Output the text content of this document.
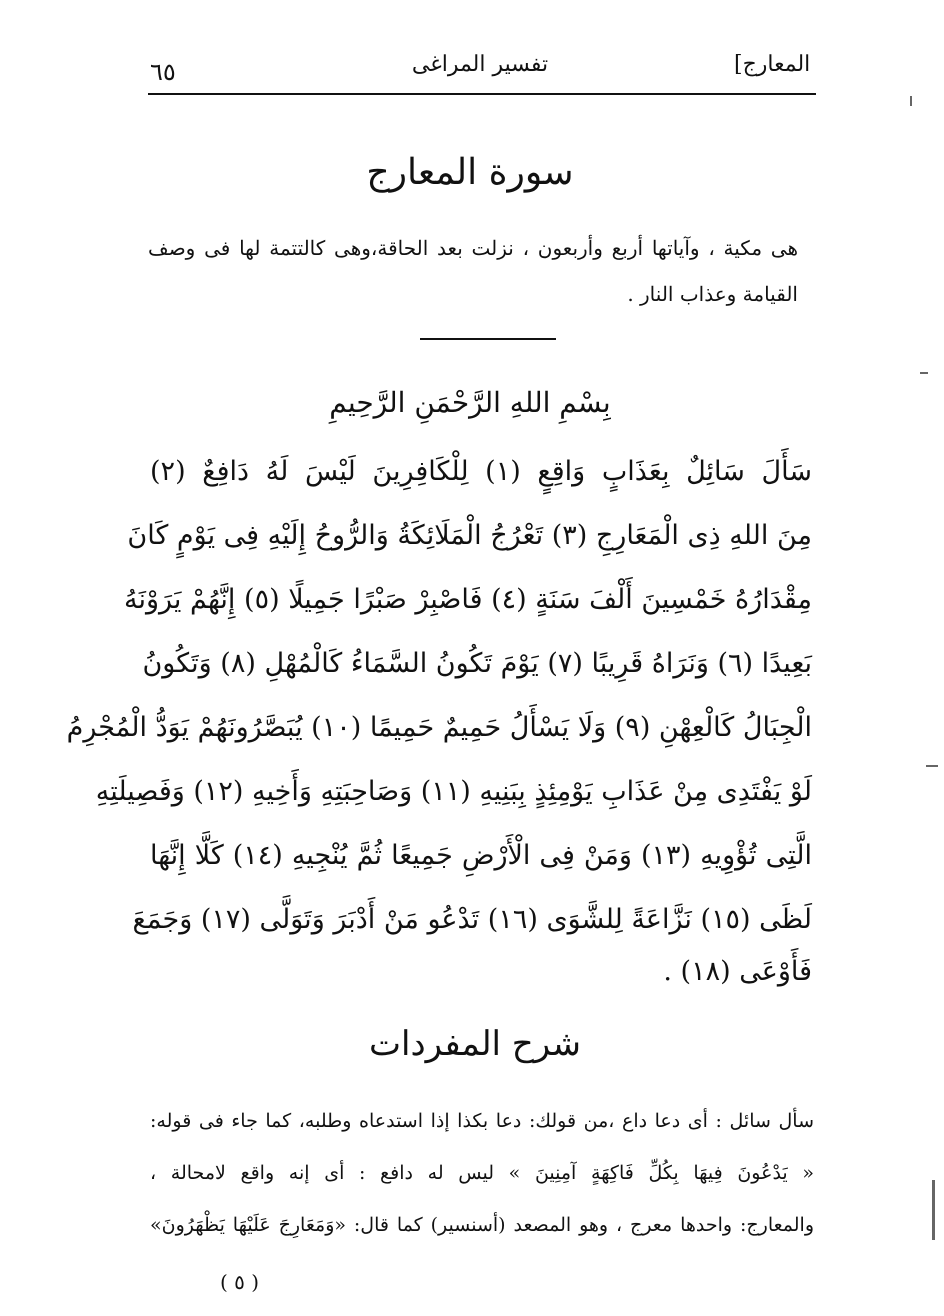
٦٥	تفسير المراغى	المعارج]
سورة المعارج
هى مكية ، وآياتها أربع وأربعون ، نزلت بعد الحاقة،وهى كالتتمة لها فى وصف
القيامة وعذاب النار .
بِسْمِ اللهِ الرَّحْمَنِ الرَّحِيمِ
سَأَلَ سَائِلٌ بِعَذَابٍ وَاقِعٍ (١) لِلْكَافِرِينَ لَيْسَ لَهُ دَافِعٌ (٢)
مِنَ اللهِ ذِى الْمَعَارِجِ (٣) تَعْرُجُ الْمَلَائِكَةُ وَالرُّوحُ إِلَيْهِ فِى يَوْمٍ كَانَ
مِقْدَارُهُ خَمْسِينَ أَلْفَ سَنَةٍ (٤) فَاصْبِرْ صَبْرًا جَمِيلًا (٥) إِنَّهُمْ يَرَوْنَهُ
بَعِيدًا (٦) وَنَرَاهُ قَرِيبًا (٧) يَوْمَ تَكُونُ السَّمَاءُ كَالْمُهْلِ (٨) وَتَكُونُ
الْجِبَالُ كَالْعِهْنِ (٩) وَلَا يَسْأَلُ حَمِيمٌ حَمِيمًا (١٠) يُبَصَّرُونَهُمْ يَوَدُّ الْمُجْرِمُ
لَوْ يَفْتَدِى مِنْ عَذَابِ يَوْمِئِذٍ بِبَنِيهِ (١١) وَصَاحِبَتِهِ وَأَخِيهِ (١٢) وَفَصِيلَتِهِ
الَّتِى تُؤْوِيهِ (١٣) وَمَنْ فِى الْأَرْضِ جَمِيعًا ثُمَّ يُنْجِيهِ (١٤) كَلَّا إِنَّهَا
لَظَى (١٥) نَزَّاعَةً لِلشَّوَى (١٦) تَدْعُو مَنْ أَدْبَرَ وَتَوَلَّى (١٧) وَجَمَعَ
فَأَوْعَى (١٨) .
شرح المفردات
سأل سائل : أى دعا داع ،من قولك: دعا بكذا إذا استدعاه وطلبه، كما جاء فى قوله:
« يَدْعُونَ فِيهَا بِكُلِّ فَاكِهَةٍ آمِنِينَ » ليس له دافع : أى إنه واقع لامحالة ،
والمعارج: واحدها معرج ، وهو المصعد (أسنسير) كما قال: «وَمَعَارِجَ عَلَيْهَا يَظْهَرُونَ»
( ٥ )
